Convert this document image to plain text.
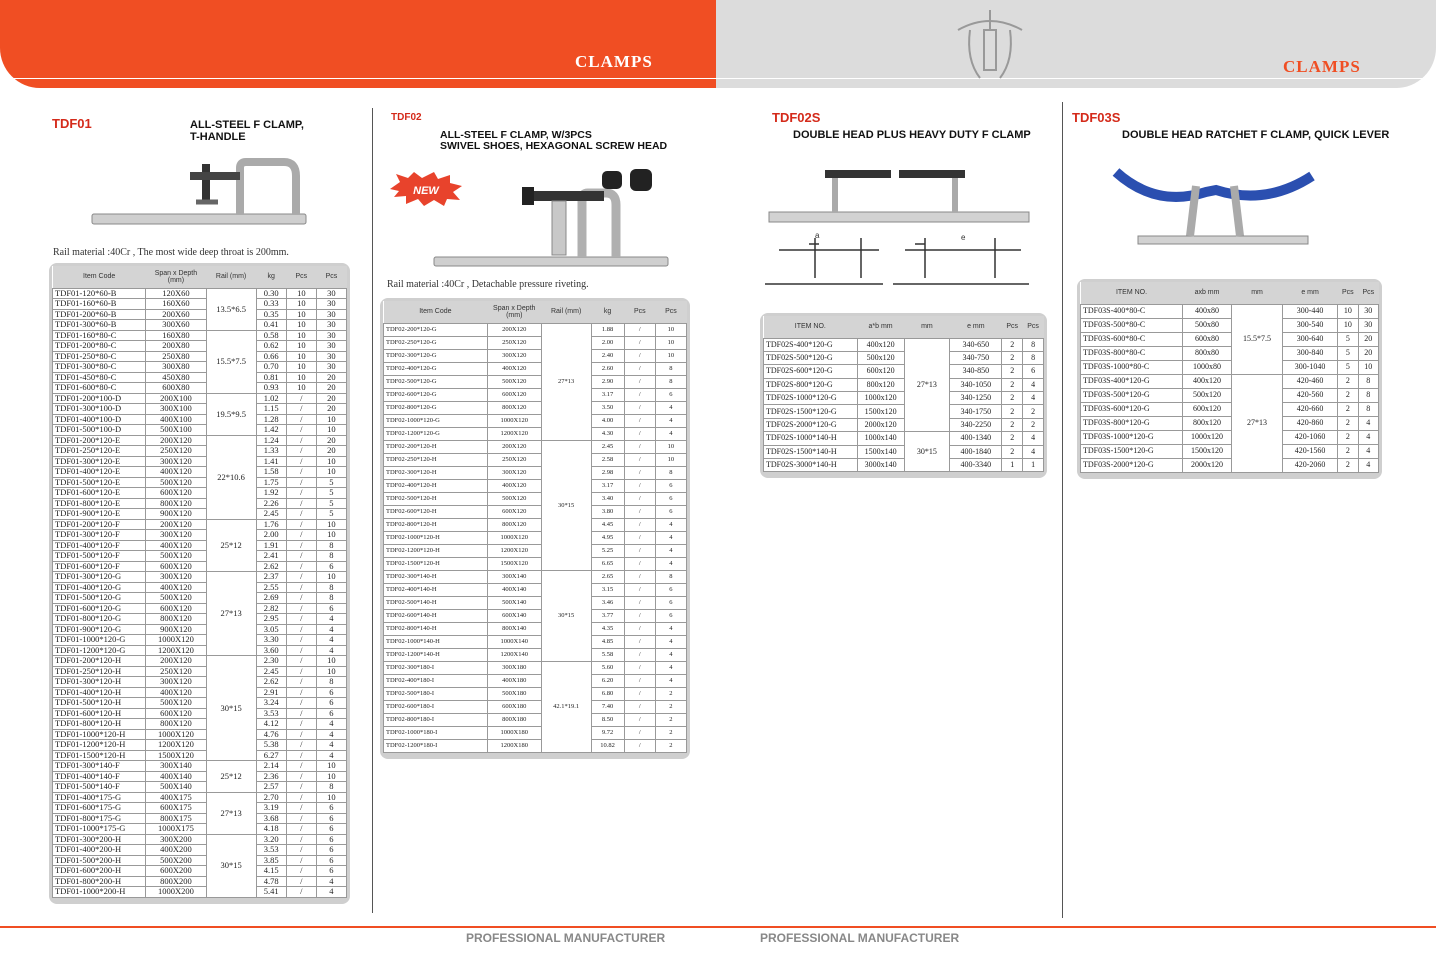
CLAMPS	CLAMPS
TDF01	ALL-STEEL F CLAMP,
T-HANDLE
Rail material :40Cr , The most wide deep throat is 200mm.
Item Code	Span x Depth (mm)	Rail (mm)	kg	Pcs	Pcs
TDF01-120*60-B	120X60	13.5*6.5	0.30	10	30
TDF01-160*60-B	160X60		0.33	10	30
TDF01-200*60-B	200X60		0.35	10	30
TDF01-300*60-B	300X60		0.41	10	30
TDF01-160*80-C	160X80	15.5*7.5	0.58	10	30
TDF01-200*80-C	200X80		0.62	10	30
TDF01-250*80-C	250X80		0.66	10	30
TDF01-300*80-C	300X80		0.70	10	30
TDF01-450*80-C	450X80		0.81	10	20
TDF01-600*80-C	600X80		0.93	10	20
TDF01-200*100-D	200X100	19.5*9.5	1.02	/	20
TDF01-300*100-D	300X100		1.15	/	20
TDF01-400*100-D	400X100		1.28	/	10
TDF01-500*100-D	500X100		1.42	/	10
TDF01-200*120-E	200X120	22*10.6	1.24	/	20
TDF01-250*120-E	250X120		1.33	/	20
TDF01-300*120-E	300X120		1.41	/	10
TDF01-400*120-E	400X120		1.58	/	10
TDF01-500*120-E	500X120		1.75	/	5
TDF01-600*120-E	600X120		1.92	/	5
TDF01-800*120-E	800X120		2.26	/	5
TDF01-900*120-E	900X120		2.45	/	5
TDF01-200*120-F	200X120	25*12	1.76	/	10
TDF01-300*120-F	300X120		2.00	/	10
TDF01-400*120-F	400X120		1.91	/	8
TDF01-500*120-F	500X120		2.41	/	8
TDF01-600*120-F	600X120		2.62	/	6
TDF01-300*120-G	300X120	27*13	2.37	/	10
TDF01-400*120-G	400X120		2.55	/	8
TDF01-500*120-G	500X120		2.69	/	8
TDF01-600*120-G	600X120		2.82	/	6
TDF01-800*120-G	800X120		2.95	/	4
TDF01-900*120-G	900X120		3.05	/	4
TDF01-1000*120-G	1000X120		3.30	/	4
TDF01-1200*120-G	1200X120		3.60	/	4
TDF01-200*120-H	200X120	30*15	2.30	/	10
TDF01-250*120-H	250X120		2.45	/	10
TDF01-300*120-H	300X120		2.62	/	8
TDF01-400*120-H	400X120		2.91	/	6
TDF01-500*120-H	500X120		3.24	/	6
TDF01-600*120-H	600X120		3.53	/	6
TDF01-800*120-H	800X120		4.12	/	4
TDF01-1000*120-H	1000X120		4.76	/	4
TDF01-1200*120-H	1200X120		5.38	/	4
TDF01-1500*120-H	1500X120		6.27	/	4
TDF01-300*140-F	300X140	25*12	2.14	/	10
TDF01-400*140-F	400X140		2.36	/	10
TDF01-500*140-F	500X140		2.57	/	8
TDF01-400*175-G	400X175	27*13	2.70	/	10
TDF01-600*175-G	600X175		3.19	/	6
TDF01-800*175-G	800X175		3.68	/	6
TDF01-1000*175-G	1000X175		4.18	/	6
TDF01-300*200-H	300X200	30*15	3.20	/	6
TDF01-400*200-H	400X200		3.53	/	6
TDF01-500*200-H	500X200		3.85	/	6
TDF01-600*200-H	600X200		4.15	/	6
TDF01-800*200-H	800X200		4.78	/	4
TDF01-1000*200-H	1000X200		5.41	/	4
TDF02
ALL-STEEL F CLAMP, W/3PCS
SWIVEL SHOES, HEXAGONAL SCREW HEAD
NEW
Rail material :40Cr , Detachable pressure riveting.
Item Code	Span x Depth (mm)	Rail (mm)	kg	Pcs	Pcs
TDF02-200*120-G	200X120	27*13	1.88	/	10
TDF02-250*120-G	250X120		2.00	/	10
TDF02-300*120-G	300X120		2.40	/	10
TDF02-400*120-G	400X120		2.60	/	8
TDF02-500*120-G	500X120		2.90	/	8
TDF02-600*120-G	600X120		3.17	/	6
TDF02-800*120-G	800X120		3.50	/	4
TDF02-1000*120-G	1000X120		4.00	/	4
TDF02-1200*120-G	1200X120		4.30	/	4
TDF02-200*120-H	200X120	30*15	2.45	/	10
TDF02-250*120-H	250X120		2.58	/	10
TDF02-300*120-H	300X120		2.98	/	8
TDF02-400*120-H	400X120		3.17	/	6
TDF02-500*120-H	500X120		3.40	/	6
TDF02-600*120-H	600X120		3.80	/	6
TDF02-800*120-H	800X120		4.45	/	4
TDF02-1000*120-H	1000X120		4.95	/	4
TDF02-1200*120-H	1200X120		5.25	/	4
TDF02-1500*120-H	1500X120		6.65	/	4
TDF02-300*140-H	300X140	30*15	2.65	/	8
TDF02-400*140-H	400X140		3.15	/	6
TDF02-500*140-H	500X140		3.46	/	6
TDF02-600*140-H	600X140		3.77	/	6
TDF02-800*140-H	800X140		4.35	/	4
TDF02-1000*140-H	1000X140		4.85	/	4
TDF02-1200*140-H	1200X140		5.58	/	4
TDF02-300*180-I	300X180	42.1*19.1	5.60	/	4
TDF02-400*180-I	400X180		6.20	/	4
TDF02-500*180-I	500X180		6.80	/	2
TDF02-600*180-I	600X180		7.40	/	2
TDF02-800*180-I	800X180		8.50	/	2
TDF02-1000*180-I	1000X180		9.72	/	2
TDF02-1200*180-I	1200X180		10.82	/	2
TDF02S
DOUBLE HEAD PLUS HEAVY DUTY F CLAMP
a	e
ITEM NO.	a*b mm	mm	e mm	Pcs	Pcs
TDF02S-400*120-G	400x120	27*13	340-650	2	8
TDF02S-500*120-G	500x120		340-750	2	8
TDF02S-600*120-G	600x120		340-850	2	6
TDF02S-800*120-G	800x120		340-1050	2	4
TDF02S-1000*120-G	1000x120		340-1250	2	4
TDF02S-1500*120-G	1500x120		340-1750	2	2
TDF02S-2000*120-G	2000x120		340-2250	2	2
TDF02S-1000*140-H	1000x140	30*15	400-1340	2	4
TDF02S-1500*140-H	1500x140		400-1840	2	4
TDF02S-3000*140-H	3000x140		400-3340	1	1
TDF03S
DOUBLE HEAD RATCHET F CLAMP, QUICK LEVER
ITEM NO.	axb mm	mm	e mm	Pcs	Pcs
TDF03S-400*80-C	400x80	15.5*7.5	300-440	10	30
TDF03S-500*80-C	500x80		300-540	10	30
TDF03S-600*80-C	600x80		300-640	5	20
TDF03S-800*80-C	800x80		300-840	5	20
TDF03S-1000*80-C	1000x80		300-1040	5	10
TDF03S-400*120-G	400x120	27*13	420-460	2	8
TDF03S-500*120-G	500x120		420-560	2	8
TDF03S-600*120-G	600x120		420-660	2	8
TDF03S-800*120-G	800x120		420-860	2	4
TDF03S-1000*120-G	1000x120		420-1060	2	4
TDF03S-1500*120-G	1500x120		420-1560	2	4
TDF03S-2000*120-G	2000x120		420-2060	2	4
PROFESSIONAL MANUFACTURER	PROFESSIONAL MANUFACTURER
